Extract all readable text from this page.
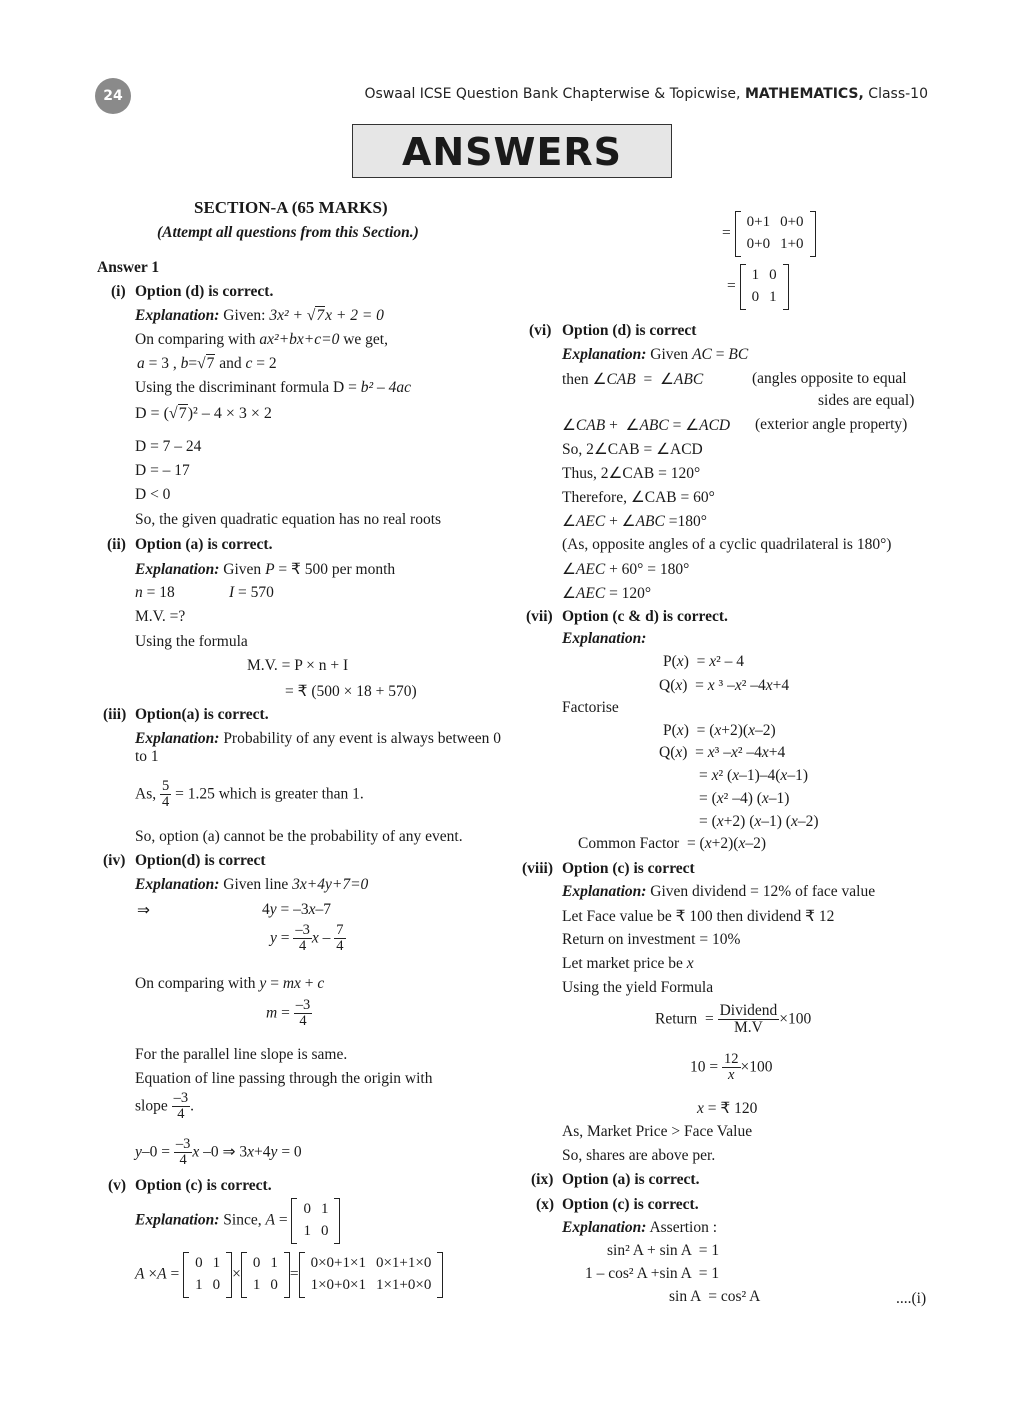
24	Oswaal ICSE Question Bank Chapterwise & Topicwise, MATHEMATICS, Class-10
ANSWERS
SECTION-A (65 MARKS)
(Attempt all questions from this Section.)
Answer 1
(i) Option (d) is correct.
Explanation: Given: 3x² + √7x + 2 = 0
On comparing with ax²+bx+c=0 we get,
a = 3 , b=√7 and c = 2
Using the discriminant formula D = b² – 4ac
D = (√7)² – 4 × 3 × 2
D = 7 – 24
D = – 17
D < 0
So, the given quadratic equation has no real roots
(ii) Option (a) is correct.
Explanation: Given P = ₹ 500 per month
n = 18	I = 570
M.V. =?
Using the formula
M.V. = P × n + I
= ₹ (500 × 18 + 570)
(iii) Option(a) is correct.
Explanation: Probability of any event is always between 0 to 1
As, $\frac{5}{4} = 1.25$ which is greater than 1.
So, option (a) cannot be the probability of any event.
(iv) Option(d) is correct
Explanation: Given line 3x+4y+7=0
⇒	4y = –3x–7
$y = \frac{-3}{4}$ x – $\frac{7}{4}$
On comparing with y = mx + c
$m = \frac{-3}{4}$
For the parallel line slope is same.
Equation of line passing through the origin with
slope $\frac{-3}{4}$ .
$y-0 = \frac{-3}{4}$ x –0 ⇒ 3x+4y = 0
(v) Option (c) is correct.
Explanation: Since, A =
0	1
1	0
A ×A =
0	1
1	0
×
0	1
1	0
=
0×0+1×1	0×1+1×0
1×0+0×1	1×1+0×0
=
0+1	0+0
0+0	1+0
=
1	0
0	1
(vi) Option (d) is correct
Explanation: Given AC = BC
then ∠CAB  =  ∠ABC	(angles opposite to equal
sides are equal)
∠CAB +  ∠ABC = ∠ACD (exterior angle property)
So, 2∠CAB = ∠ACD
Thus, 2∠CAB = 120°
Therefore, ∠CAB = 60°
∠AEC + ∠ABC =180°
(As, opposite angles of a cyclic quadrilateral is 180°)
∠AEC + 60° = 180°
∠AEC = 120°
(vii) Option (c & d) is correct.
Explanation:
P(x)  = x² – 4
Q(x)  = x ³ –x² –4x+4
Factorise
P(x)  = (x+2)(x–2)
Q(x)  = x³ –x² –4x+4
= x² (x–1)–4(x–1)
= (x² –4) (x–1)
= (x+2) (x–1) (x–2)
Common Factor  = (x+2)(x–2)
(viii) Option (c) is correct
Explanation: Given dividend = 12% of face value
Let Face value be ₹ 100 then dividend ₹ 12
Return on investment = 10%
Let market price be x
Using the yield Formula
Return  = $\frac{\text{Dividend}}{M.V} \times 100$
$10 = \frac{12}{x} \times 100$
x = ₹ 120
As, Market Price > Face Value
So, shares are above per.
(ix) Option (a) is correct.
(x) Option (c) is correct.
Explanation: Assertion :
sin² A + sin A  = 1
1 – cos² A +sin A  = 1
sin A  = cos² A	....(i)
